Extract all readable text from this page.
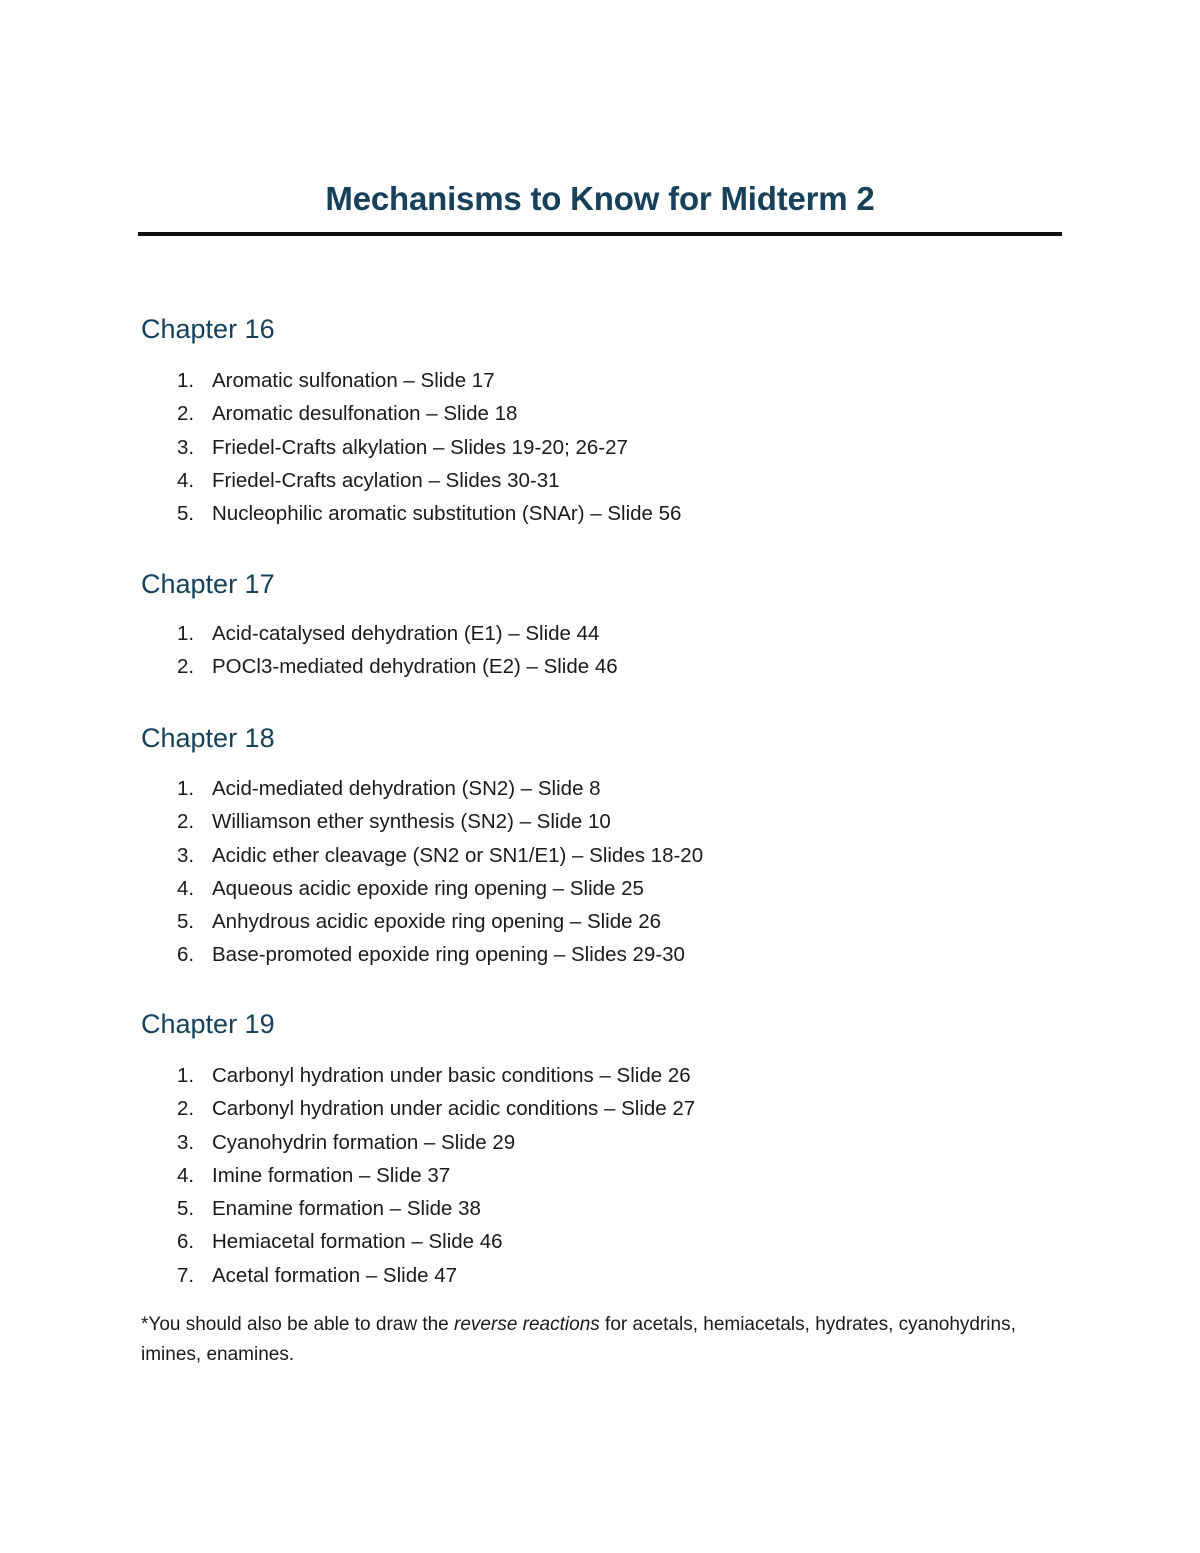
Mechanisms to Know for Midterm 2
Chapter 16
1. Aromatic sulfonation – Slide 17
2. Aromatic desulfonation – Slide 18
3. Friedel-Crafts alkylation – Slides 19-20; 26-27
4. Friedel-Crafts acylation – Slides 30-31
5. Nucleophilic aromatic substitution (SNAr) – Slide 56
Chapter 17
1. Acid-catalysed dehydration (E1) – Slide 44
2. POCl3-mediated dehydration (E2) – Slide 46
Chapter 18
1. Acid-mediated dehydration (SN2) – Slide 8
2. Williamson ether synthesis (SN2) – Slide 10
3. Acidic ether cleavage (SN2 or SN1/E1) – Slides 18-20
4. Aqueous acidic epoxide ring opening – Slide 25
5. Anhydrous acidic epoxide ring opening – Slide 26
6. Base-promoted epoxide ring opening – Slides 29-30
Chapter 19
1. Carbonyl hydration under basic conditions – Slide 26
2. Carbonyl hydration under acidic conditions – Slide 27
3. Cyanohydrin formation – Slide 29
4. Imine formation – Slide 37
5. Enamine formation – Slide 38
6. Hemiacetal formation – Slide 46
7. Acetal formation – Slide 47

*You should also be able to draw the reverse reactions for acetals, hemiacetals, hydrates, cyanohydrins, imines, enamines.
